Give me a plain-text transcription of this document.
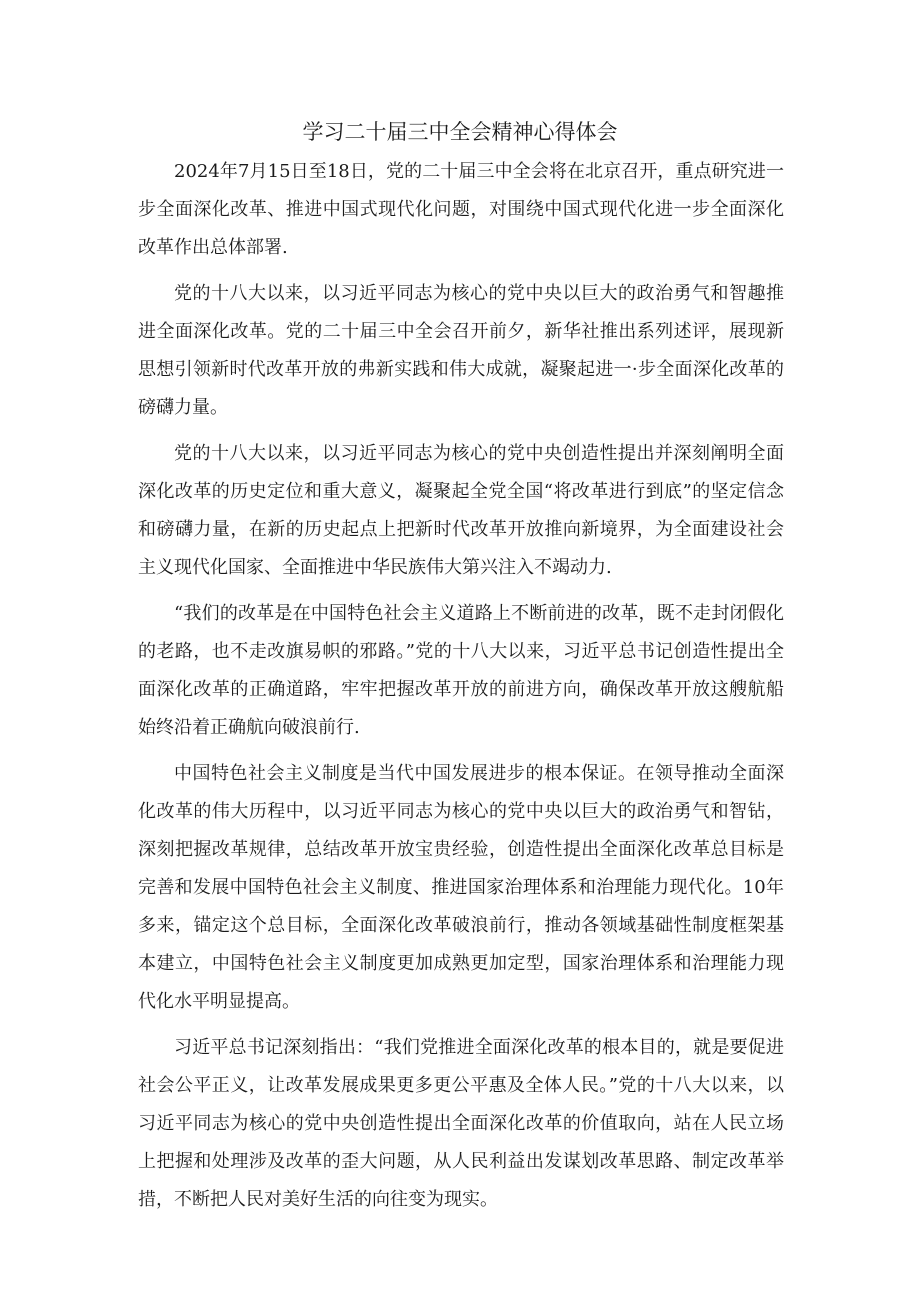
学习二十届三中全会精神心得体会

2024年7月15日至18日，党的二十届三中全会将在北京召开，重点研究进一步全面深化改革、推进中国式现代化问题，对围绕中国式现代化进一步全面深化改革作出总体部署.

党的十八大以来，以习近平同志为核心的党中央以巨大的政治勇气和智趣推进全面深化改革。党的二十届三中全会召开前夕，新华社推出系列述评，展现新思想引领新时代改革开放的弗新实践和伟大成就，凝聚起进一·步全面深化改革的磅礴力量。

党的十八大以来，以习近平同志为核心的党中央创造性提出并深刻阐明全面深化改革的历史定位和重大意义，凝聚起全党全国“将改革进行到底”的坚定信念和磅礴力量，在新的历史起点上把新时代改革开放推向新境界，为全面建设社会主义现代化国家、全面推进中华民族伟大第兴注入不竭动力.

“我们的改革是在中国特色社会主义道路上不断前进的改革，既不走封闭假化的老路，也不走改旗易帜的邪路。”党的十八大以来，习近平总书记创造性提出全面深化改革的正确道路，牢牢把握改革开放的前进方向，确保改革开放这艘航船始终沿着正确航向破浪前行.

中国特色社会主义制度是当代中国发展进步的根本保证。在领导推动全面深化改革的伟大历程中，以习近平同志为核心的党中央以巨大的政治勇气和智钻，深刻把握改革规律，总结改革开放宝贵经验，创造性提出全面深化改革总目标是完善和发展中国特色社会主义制度、推进国家治理体系和治理能力现代化。10年多来，锚定这个总目标，全面深化改革破浪前行，推动各领域基础性制度框架基本建立，中国特色社会主义制度更加成熟更加定型，国家治理体系和治理能力现代化水平明显提高。

习近平总书记深刻指出：“我们党推进全面深化改革的根本目的，就是要促进社会公平正义，让改革发展成果更多更公平惠及全体人民。”党的十八大以来，以习近平同志为核心的党中央创造性提出全面深化改革的价值取向，站在人民立场上把握和处理涉及改革的歪大问题，从人民利益出发谋划改革思路、制定改革举措，不断把人民对美好生活的向往变为现实。
